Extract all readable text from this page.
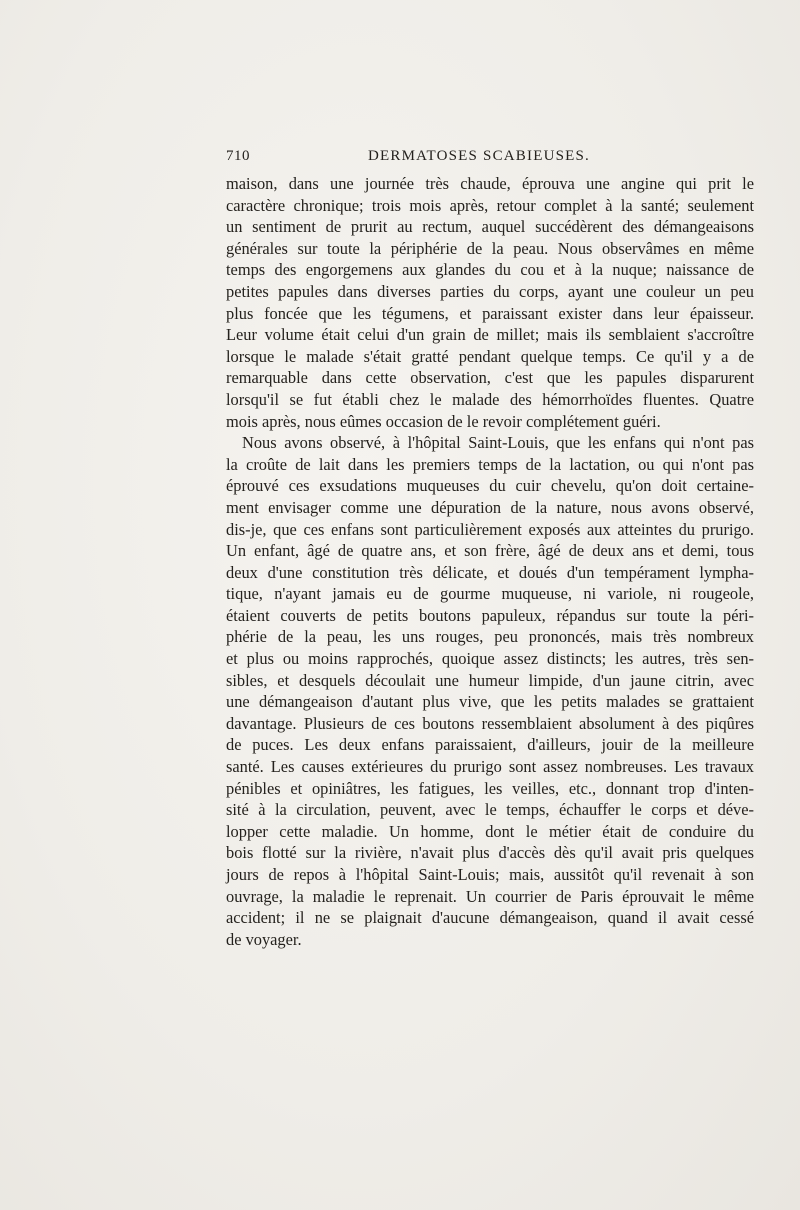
710	DERMATOSES SCABIEUSES.
maison, dans une journée très chaude, éprouva une angine qui prit le
caractère chronique; trois mois après, retour complet à la santé; seulement
un sentiment de prurit au rectum, auquel succédèrent des démangeaisons
générales sur toute la périphérie de la peau. Nous observâmes en même
temps des engorgemens aux glandes du cou et à la nuque; naissance de
petites papules dans diverses parties du corps, ayant une couleur un peu
plus foncée que les tégumens, et paraissant exister dans leur épaisseur.
Leur volume était celui d'un grain de millet; mais ils semblaient s'accroître
lorsque le malade s'était gratté pendant quelque temps. Ce qu'il y a de
remarquable dans cette observation, c'est que les papules disparurent
lorsqu'il se fut établi chez le malade des hémorrhoïdes fluentes. Quatre
mois après, nous eûmes occasion de le revoir complétement guéri.
Nous avons observé, à l'hôpital Saint-Louis, que les enfans qui n'ont pas
la croûte de lait dans les premiers temps de la lactation, ou qui n'ont pas
éprouvé ces exsudations muqueuses du cuir chevelu, qu'on doit certaine-
ment envisager comme une dépuration de la nature, nous avons observé,
dis-je, que ces enfans sont particulièrement exposés aux atteintes du prurigo.
Un enfant, âgé de quatre ans, et son frère, âgé de deux ans et demi, tous
deux d'une constitution très délicate, et doués d'un tempérament lympha-
tique, n'ayant jamais eu de gourme muqueuse, ni variole, ni rougeole,
étaient couverts de petits boutons papuleux, répandus sur toute la péri-
phérie de la peau, les uns rouges, peu prononcés, mais très nombreux
et plus ou moins rapprochés, quoique assez distincts; les autres, très sen-
sibles, et desquels découlait une humeur limpide, d'un jaune citrin, avec
une démangeaison d'autant plus vive, que les petits malades se grattaient
davantage. Plusieurs de ces boutons ressemblaient absolument à des piqûres
de puces. Les deux enfans paraissaient, d'ailleurs, jouir de la meilleure
santé. Les causes extérieures du prurigo sont assez nombreuses. Les travaux
pénibles et opiniâtres, les fatigues, les veilles, etc., donnant trop d'inten-
sité à la circulation, peuvent, avec le temps, échauffer le corps et déve-
lopper cette maladie. Un homme, dont le métier était de conduire du
bois flotté sur la rivière, n'avait plus d'accès dès qu'il avait pris quelques
jours de repos à l'hôpital Saint-Louis; mais, aussitôt qu'il revenait à son
ouvrage, la maladie le reprenait. Un courrier de Paris éprouvait le même
accident; il ne se plaignait d'aucune démangeaison, quand il avait cessé
de voyager.
